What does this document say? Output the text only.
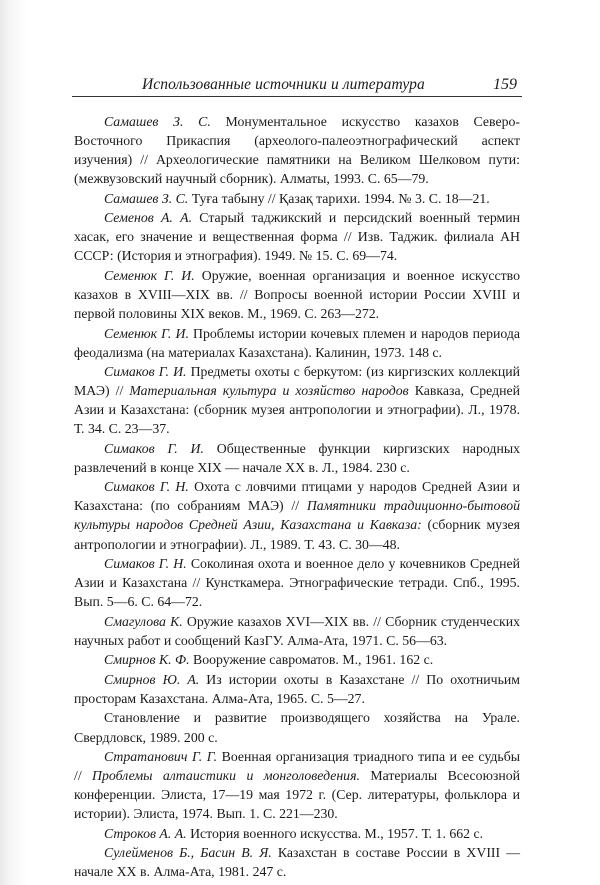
Использованные источники и литература	159

Самашев З. С. Монументальное искусство казахов Северо-Восточного Прикаспия (археолого-палеоэтнографический аспект изучения) // Археологические памятники на Великом Шелковом пути: (межвузовский научный сборник). Алматы, 1993. С. 65—79.

Самашев З. С. Туға табыну // Қазақ тарихи. 1994. № 3. С. 18—21.

Семенов А. А. Старый таджикский и персидский военный термин хасак, его значение и вещественная форма // Изв. Таджик. филиала АН СССР: (История и этнография). 1949. № 15. С. 69—74.

Семенюк Г. И. Оружие, военная организация и военное искусство казахов в XVIII—XIX вв. // Вопросы военной истории России XVIII и первой половины XIX веков. М., 1969. С. 263—272.

Семенюк Г. И. Проблемы истории кочевых племен и народов периода феодализма (на материалах Казахстана). Калинин, 1973. 148 с.

Симаков Г. И. Предметы охоты с беркутом: (из киргизских коллекций МАЭ) // Материальная культура и хозяйство народов Кавказа, Средней Азии и Казахстана: (сборник музея антропологии и этнографии). Л., 1978. Т. 34. С. 23—37.

Симаков Г. И. Общественные функции киргизских народных развлечений в конце XIX — начале XX в. Л., 1984. 230 с.

Симаков Г. Н. Охота с ловчими птицами у народов Средней Азии и Казахстана: (по собраниям МАЭ) // Памятники традиционно-бытовой культуры народов Средней Азии, Казахстана и Кавказа: (сборник музея антропологии и этнографии). Л., 1989. Т. 43. С. 30—48.

Симаков Г. Н. Соколиная охота и военное дело у кочевников Средней Азии и Казахстана // Кунсткамера. Этнографические тетради. Спб., 1995. Вып. 5—6. С. 64—72.

Смагулова К. Оружие казахов XVI—XIX вв. // Сборник студенческих научных работ и сообщений КазГУ. Алма-Ата, 1971. С. 56—63.

Смирнов К. Ф. Вооружение савроматов. М., 1961. 162 с.

Смирнов Ю. А. Из истории охоты в Казахстане // По охотничьим просторам Казахстана. Алма-Ата, 1965. С. 5—27.

Становление и развитие производящего хозяйства на Урале. Свердловск, 1989. 200 с.

Стратанович Г. Г. Военная организация триадного типа и ее судьбы // Проблемы алтаистики и монголоведения. Материалы Всесоюзной конференции. Элиста, 17—19 мая 1972 г. (Сер. литературы, фольклора и истории). Элиста, 1974. Вып. 1. С. 221—230.

Строков А. А. История военного искусства. М., 1957. Т. 1. 662 с.

Сулейменов Б., Басин В. Я. Казахстан в составе России в XVIII — начале XX в. Алма-Ата, 1981. 247 с.
